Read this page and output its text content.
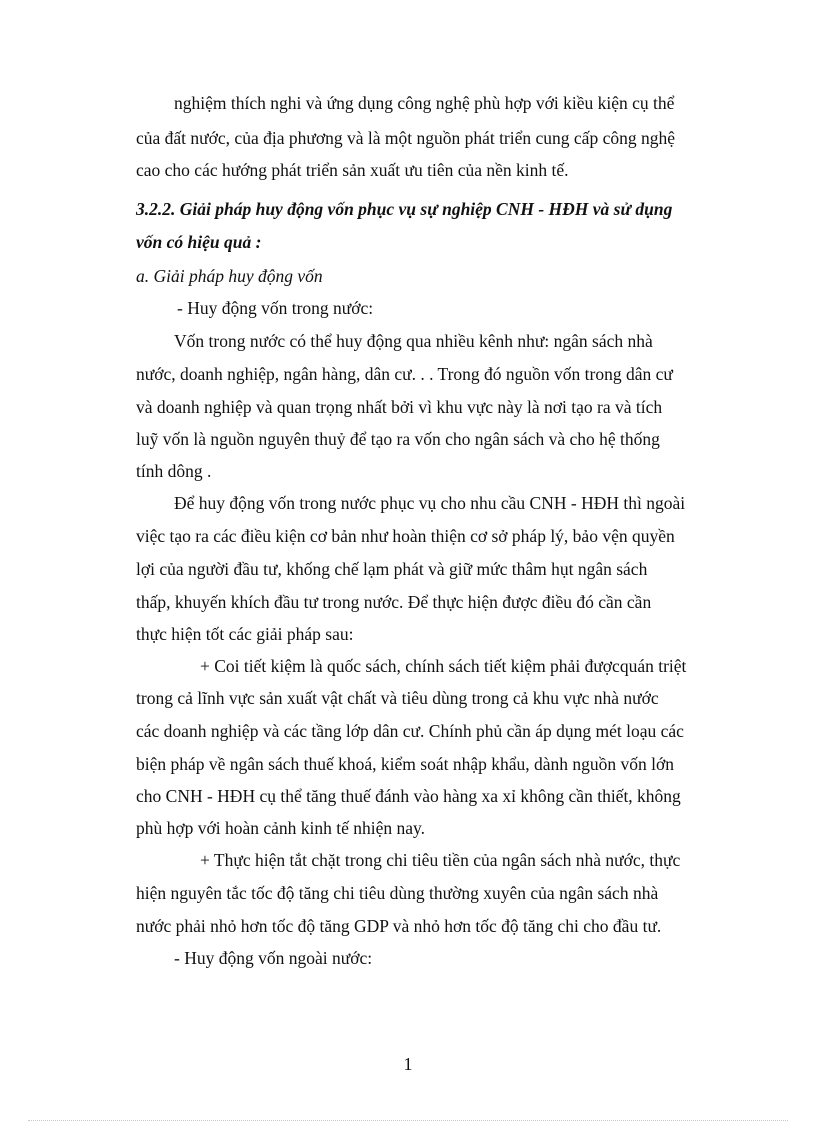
nghiệm thích nghi và ứng dụng công nghệ phù hợp với kiều kiện cụ thể
của đất nước, của địa phương và là một nguồn phát triển cung cấp công nghệ
cao cho các hướng phát triển sản xuất ưu tiên của nền kinh tế.
3.2.2. Giải pháp huy động vốn phục vụ sự nghiệp CNH - HĐH và sử dụng
vốn có hiệu quả :
a. Giải pháp huy động vốn
- Huy động vốn trong nước:
Vốn trong nước có thể huy động qua nhiều kênh như: ngân sách nhà
nước, doanh nghiệp, ngân hàng, dân cư. . . Trong đó nguồn vốn trong dân cư
và doanh nghiệp và quan trọng nhất bởi vì khu vực này là nơi tạo ra và tích
luỹ vốn là nguồn nguyên thuỷ để tạo ra vốn cho ngân sách và cho hệ thống
tính dông .
Để huy động vốn trong nước phục vụ cho nhu cầu CNH - HĐH thì ngoài
việc tạo ra các điều kiện cơ bản như hoàn thiện cơ sở pháp lý, bảo vện quyền
lợi của người đầu tư, khống chế lạm phát và giữ mức thâm hụt ngân sách
thấp, khuyến khích đầu tư trong nước. Để thực hiện được điều đó cần cần
thực hiện tốt các giải pháp sau:
+ Coi tiết kiệm là quốc sách, chính sách tiết kiệm phải đượcquán triệt
trong cả lĩnh vực sản xuất vật chất và tiêu dùng trong cả khu vực nhà nước
các doanh nghiệp và các tầng lớp dân cư. Chính phủ cần áp dụng mét loạu các
biện pháp về ngân sách thuế khoá, kiểm soát nhập khẩu, dành nguồn vốn lớn
cho CNH - HĐH cụ thể tăng thuế đánh vào hàng xa xỉ không cần thiết, không
phù hợp với hoàn cảnh kinh tế nhiện nay.
+ Thực hiện tắt chặt trong chi tiêu tiền của ngân sách nhà nước, thực
hiện nguyên tắc tốc độ tăng chi tiêu dùng thường xuyên của ngân sách nhà
nước phải nhỏ hơn tốc độ tăng GDP và nhỏ hơn tốc độ tăng chi cho đầu tư.
- Huy động vốn ngoài nước:
1
